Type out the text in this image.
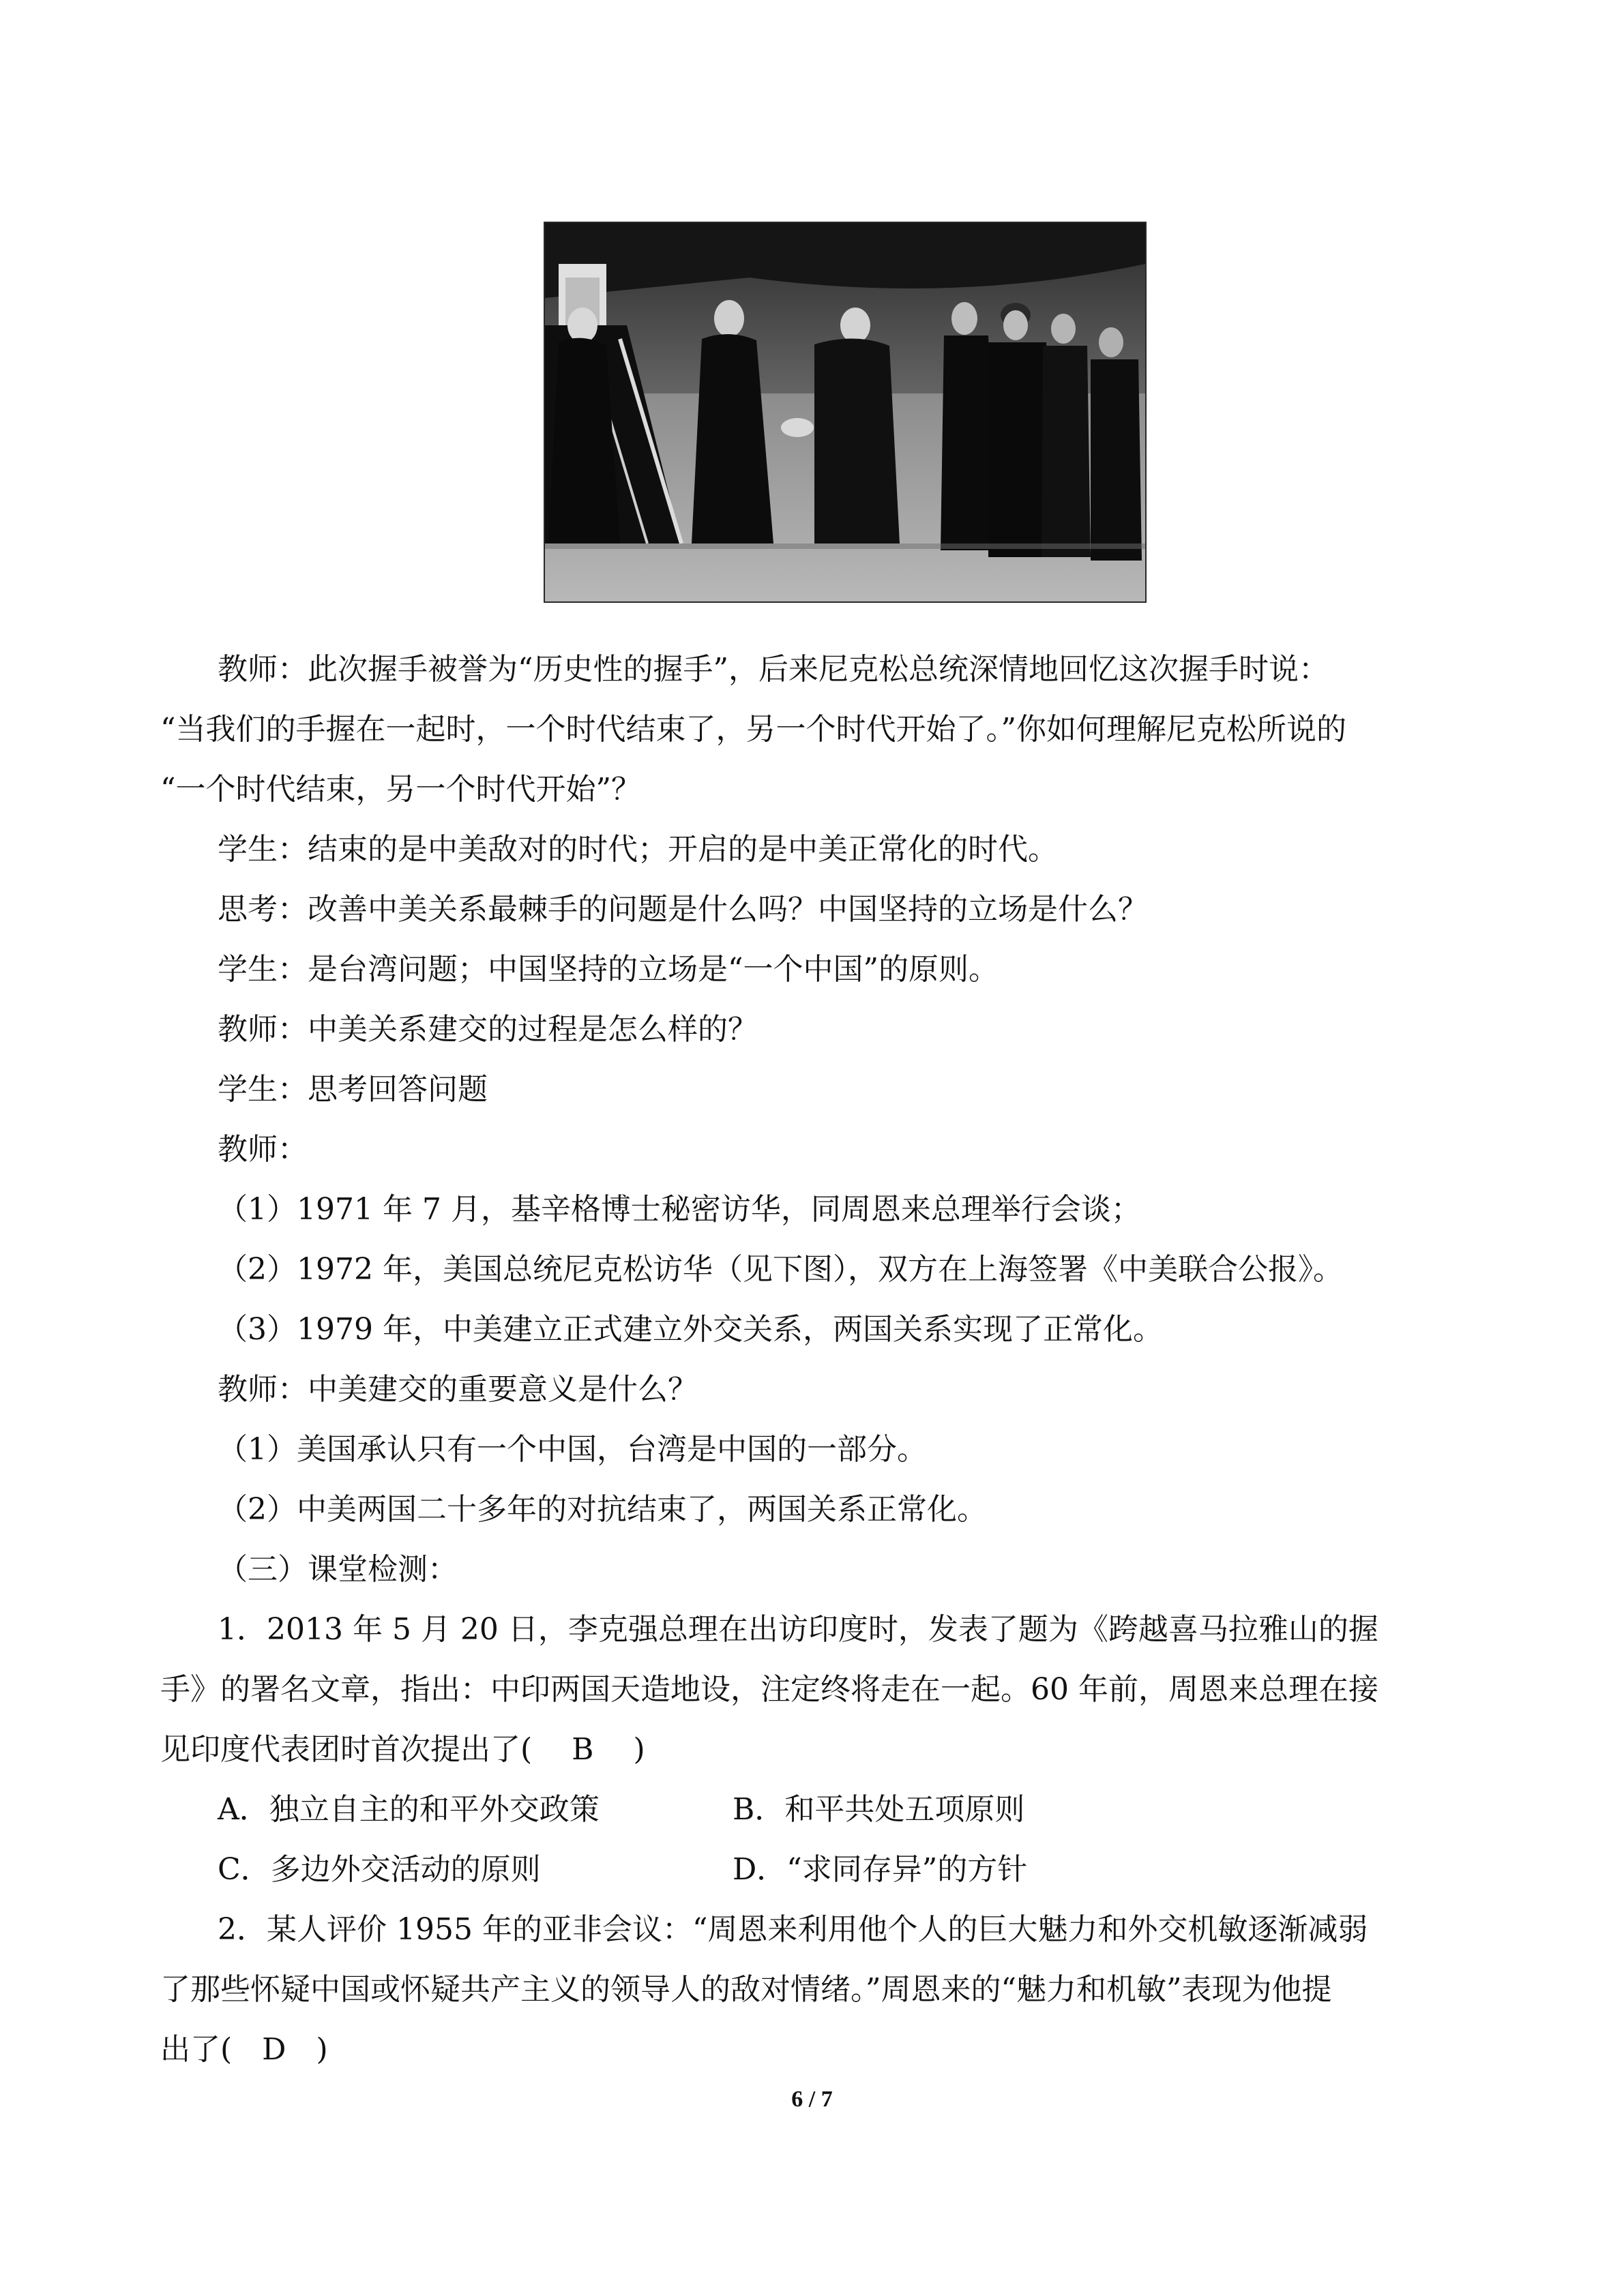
教师：此次握手被誉为“历史性的握手”，后来尼克松总统深情地回忆这次握手时说：

“当我们的手握在一起时，一个时代结束了，另一个时代开始了。”你如何理解尼克松所说的

“一个时代结束，另一个时代开始”？

学生：结束的是中美敌对的时代；开启的是中美正常化的时代。

思考：改善中美关系最棘手的问题是什么吗？中国坚持的立场是什么？

学生：是台湾问题；中国坚持的立场是“一个中国”的原则。

教师：中美关系建交的过程是怎么样的？

学生：思考回答问题

教师：

（1）1971 年 7 月，基辛格博士秘密访华，同周恩来总理举行会谈；

（2）1972 年，美国总统尼克松访华（见下图），双方在上海签署《中美联合公报》。

（3）1979 年，中美建立正式建立外交关系，两国关系实现了正常化。

教师：中美建交的重要意义是什么？

（1）美国承认只有一个中国，台湾是中国的一部分。

（2）中美两国二十多年的对抗结束了，两国关系正常化。

（三）课堂检测：

1．2013 年 5 月 20 日，李克强总理在出访印度时，发表了题为《跨越喜马拉雅山的握

手》的署名文章，指出：中印两国天造地设，注定终将走在一起。60 年前，周恩来总理在接

见印度代表团时首次提出了(　 B　 )

A．独立自主的和平外交政策	B．和平共处五项原则
C．多边外交活动的原则	D．“求同存异”的方针

2．某人评价 1955 年的亚非会议：“周恩来利用他个人的巨大魅力和外交机敏逐渐减弱

了那些怀疑中国或怀疑共产主义的领导人的敌对情绪。”周恩来的“魅力和机敏”表现为他提

出了(　D　)

6 / 7
